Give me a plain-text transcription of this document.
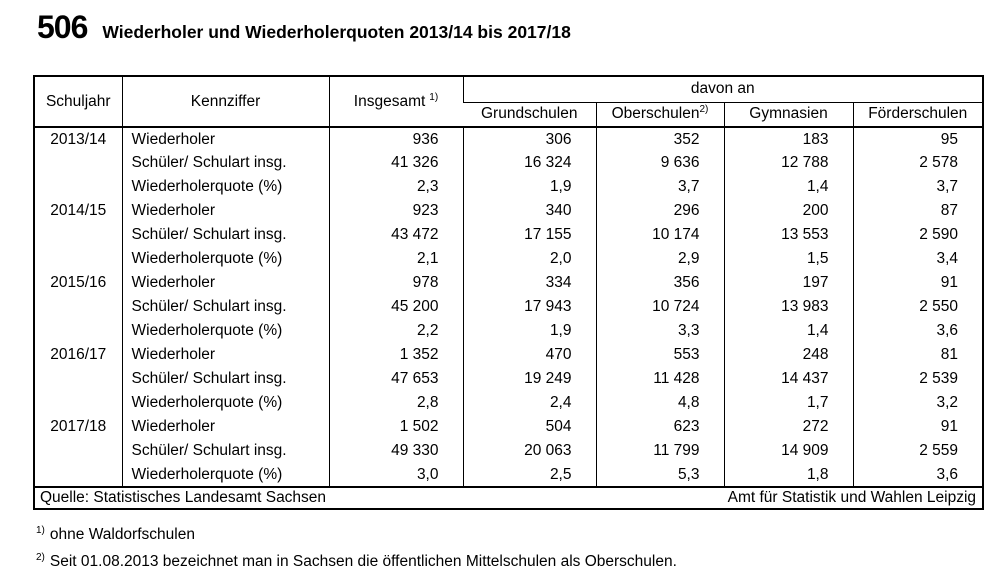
506 Wiederholer und Wiederholerquoten 2013/14 bis 2017/18
Schuljahr	Kennziffer	Insgesamt $^{1)}$	davon an			
			Grundschulen	Oberschulen$^{2)}$	Gymnasien	Förderschulen
2013/14	Wiederholer	936	306	352	183	95
	Schüler/ Schulart insg.	41 326	16 324	9 636	12 788	2 578
	Wiederholerquote (%)	2,3	1,9	3,7	1,4	3,7
2014/15	Wiederholer	923	340	296	200	87
	Schüler/ Schulart insg.	43 472	17 155	10 174	13 553	2 590
	Wiederholerquote (%)	2,1	2,0	2,9	1,5	3,4
2015/16	Wiederholer	978	334	356	197	91
	Schüler/ Schulart insg.	45 200	17 943	10 724	13 983	2 550
	Wiederholerquote (%)	2,2	1,9	3,3	1,4	3,6
2016/17	Wiederholer	1 352	470	553	248	81
	Schüler/ Schulart insg.	47 653	19 249	11 428	14 437	2 539
	Wiederholerquote (%)	2,8	2,4	4,8	1,7	3,2
2017/18	Wiederholer	1 502	504	623	272	91
	Schüler/ Schulart insg.	49 330	20 063	11 799	14 909	2 559
	Wiederholerquote (%)	3,0	2,5	5,3	1,8	3,6

Quelle: Statistisches Landesamt Sachsen Amt für Statistik und Wahlen Leipzig						
$^{1)}$ ohne Waldorfschulen
$^{2)}$ Seit 01.08.2013 bezeichnet man in Sachsen die öffentlichen Mittelschulen als Oberschulen.
